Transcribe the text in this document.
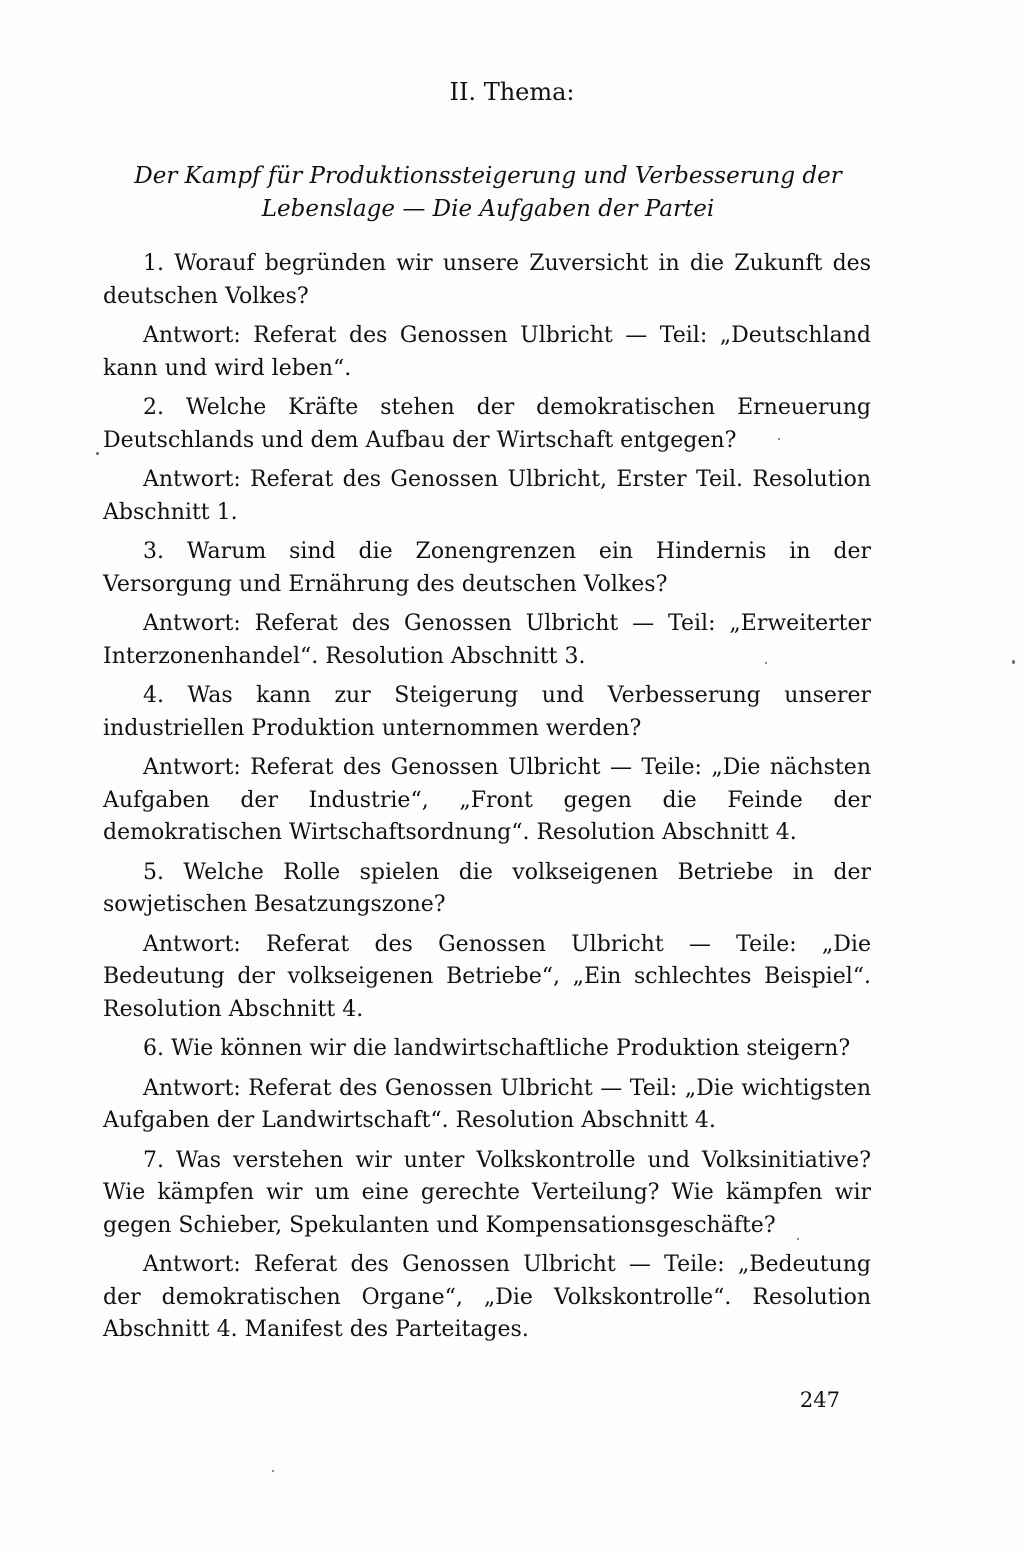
II. Thema:
Der Kampf für Produktionssteigerung und Verbesserung der Lebenslage — Die Aufgaben der Partei

1. Worauf begründen wir unsere Zuversicht in die Zukunft des deutschen Volkes?

Antwort: Referat des Genossen Ulbricht — Teil: „Deutschland kann und wird leben“.

2. Welche Kräfte stehen der demokratischen Erneuerung Deutschlands und dem Aufbau der Wirtschaft entgegen?

Antwort: Referat des Genossen Ulbricht, Erster Teil. Resolution Abschnitt 1.

3. Warum sind die Zonengrenzen ein Hindernis in der Versorgung und Ernährung des deutschen Volkes?

Antwort: Referat des Genossen Ulbricht — Teil: „Erweiterter Interzonenhandel“. Resolution Abschnitt 3.

4. Was kann zur Steigerung und Verbesserung unserer industriellen Produktion unternommen werden?

Antwort: Referat des Genossen Ulbricht — Teile: „Die nächsten Aufgaben der Industrie“, „Front gegen die Feinde der demokratischen Wirtschaftsordnung“. Resolution Abschnitt 4.

5. Welche Rolle spielen die volkseigenen Betriebe in der sowjetischen Besatzungszone?

Antwort: Referat des Genossen Ulbricht — Teile: „Die Bedeutung der volkseigenen Betriebe“, „Ein schlechtes Beispiel“. Resolution Abschnitt 4.

6. Wie können wir die landwirtschaftliche Produktion steigern?

Antwort: Referat des Genossen Ulbricht — Teil: „Die wichtigsten Aufgaben der Landwirtschaft“. Resolution Abschnitt 4.

7. Was verstehen wir unter Volkskontrolle und Volksinitiative? Wie kämpfen wir um eine gerechte Verteilung? Wie kämpfen wir gegen Schieber, Spekulanten und Kompensationsgeschäfte?

Antwort: Referat des Genossen Ulbricht — Teile: „Bedeutung der demokratischen Organe“, „Die Volkskontrolle“. Resolution Abschnitt 4. Manifest des Parteitages.

247
